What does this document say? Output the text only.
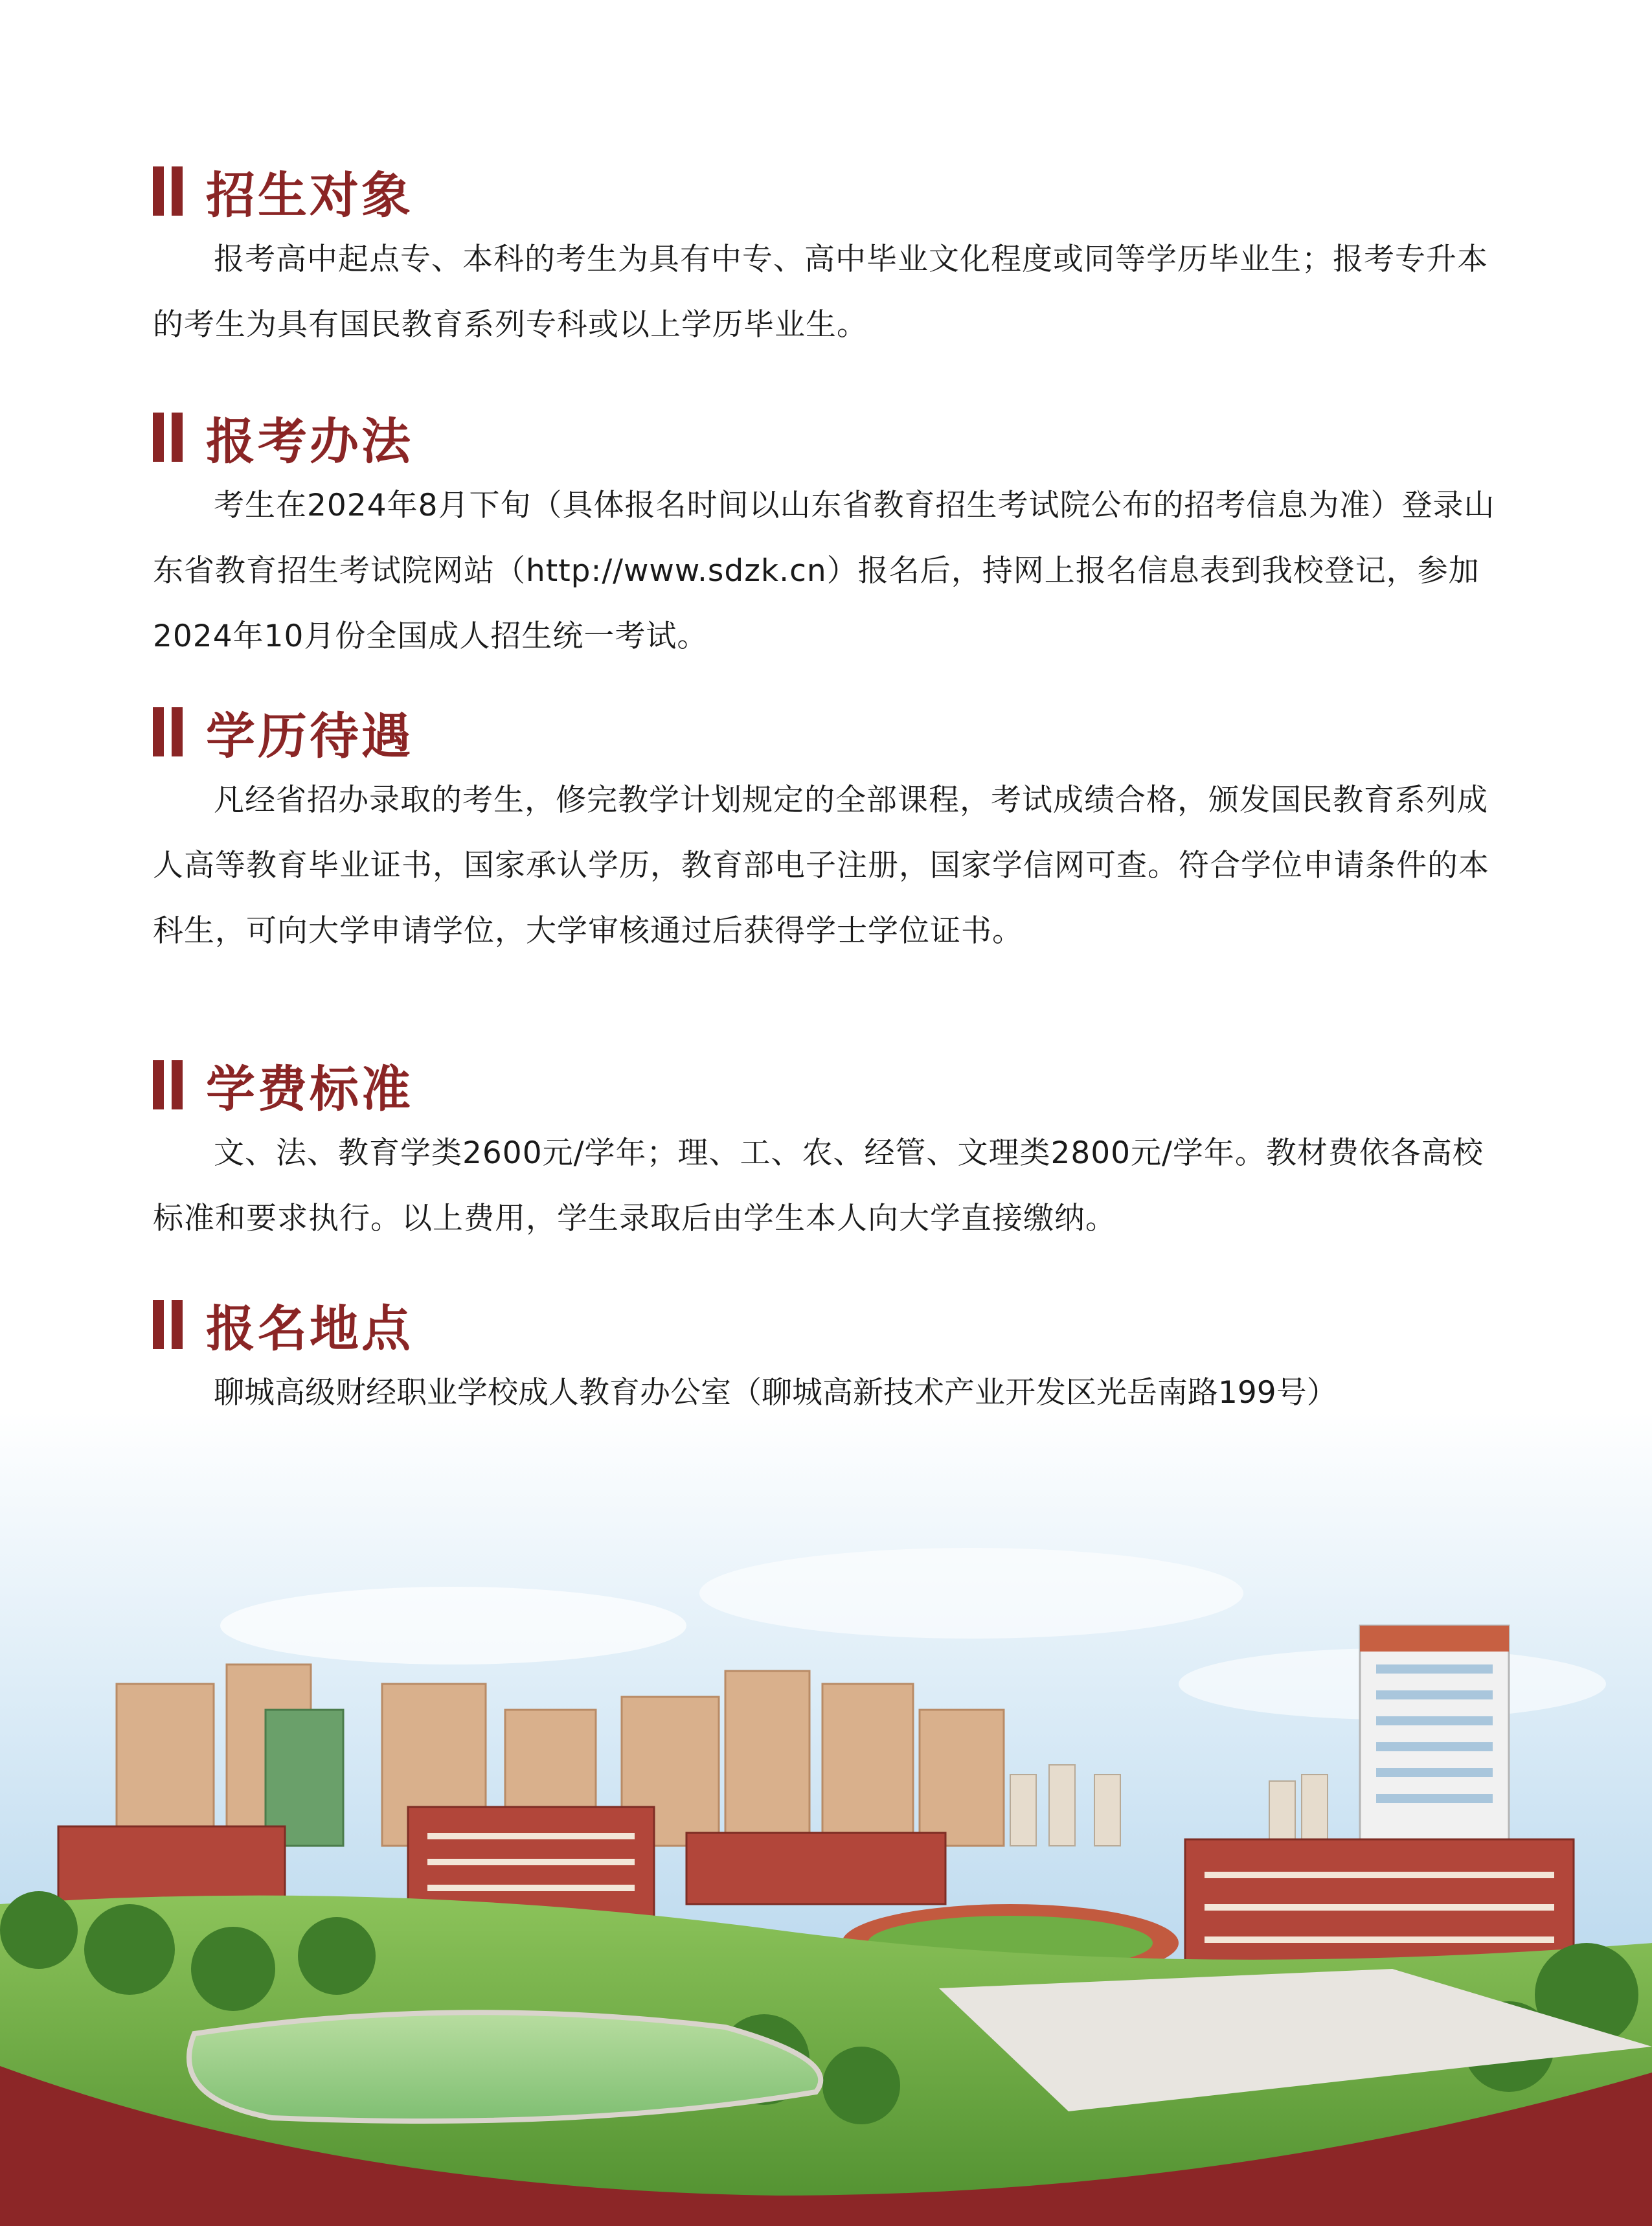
招生对象

报考高中起点专、本科的考生为具有中专、高中毕业文化程度或同等学历毕业生；报考专升本的考生为具有国民教育系列专科或以上学历毕业生。

报考办法

考生在2024年8月下旬（具体报名时间以山东省教育招生考试院公布的招考信息为准）登录山东省教育招生考试院网站（http://www.sdzk.cn）报名后，持网上报名信息表到我校登记，参加2024年10月份全国成人招生统一考试。

学历待遇

凡经省招办录取的考生，修完教学计划规定的全部课程，考试成绩合格，颁发国民教育系列成人高等教育毕业证书，国家承认学历，教育部电子注册，国家学信网可查。符合学位申请条件的本科生，可向大学申请学位，大学审核通过后获得学士学位证书。

学费标准

文、法、教育学类2600元/学年；理、工、农、经管、文理类2800元/学年。教材费依各高校标准和要求执行。以上费用，学生录取后由学生本人向大学直接缴纳。

报名地点

聊城高级财经职业学校成人教育办公室（聊城高新技术产业开发区光岳南路199号）
